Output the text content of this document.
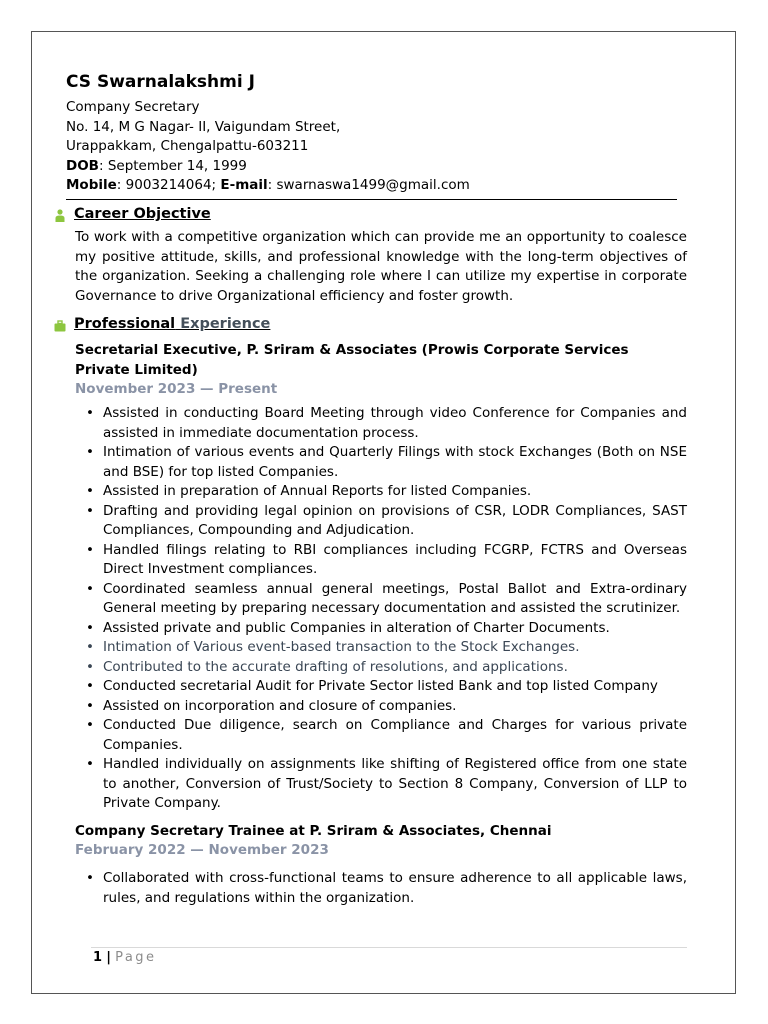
CS Swarnalakshmi J
Company Secretary
No. 14, M G Nagar- II, Vaigundam Street,
Urappakkam, Chengalpattu-603211
DOB: September 14, 1999
Mobile: 9003214064; E-mail: swarnaswa1499@gmail.com
Career Objective
To work with a competitive organization which can provide me an opportunity to coalesce my positive attitude, skills, and professional knowledge with the long-term objectives of the organization. Seeking a challenging role where I can utilize my expertise in corporate Governance to drive Organizational efficiency and foster growth.
Professional Experience
Secretarial Executive, P. Sriram & Associates (Prowis Corporate Services Private Limited)
November 2023 — Present
• Assisted in conducting Board Meeting through video Conference for Companies and assisted in immediate documentation process.
• Intimation of various events and Quarterly Filings with stock Exchanges (Both on NSE and BSE) for top listed Companies.
• Assisted in preparation of Annual Reports for listed Companies.
• Drafting and providing legal opinion on provisions of CSR, LODR Compliances, SAST Compliances, Compounding and Adjudication.
• Handled filings relating to RBI compliances including FCGRP, FCTRS and Overseas Direct Investment compliances.
• Coordinated seamless annual general meetings, Postal Ballot and Extra-ordinary General meeting by preparing necessary documentation and assisted the scrutinizer.
• Assisted private and public Companies in alteration of Charter Documents.
• Intimation of Various event-based transaction to the Stock Exchanges.
• Contributed to the accurate drafting of resolutions, and applications.
• Conducted secretarial Audit for Private Sector listed Bank and top listed Company
• Assisted on incorporation and closure of companies.
• Conducted Due diligence, search on Compliance and Charges for various private Companies.
• Handled individually on assignments like shifting of Registered office from one state to another, Conversion of Trust/Society to Section 8 Company, Conversion of LLP to Private Company.
Company Secretary Trainee at P. Sriram & Associates, Chennai
February 2022 — November 2023
• Collaborated with cross-functional teams to ensure adherence to all applicable laws, rules, and regulations within the organization.
1 | Page
